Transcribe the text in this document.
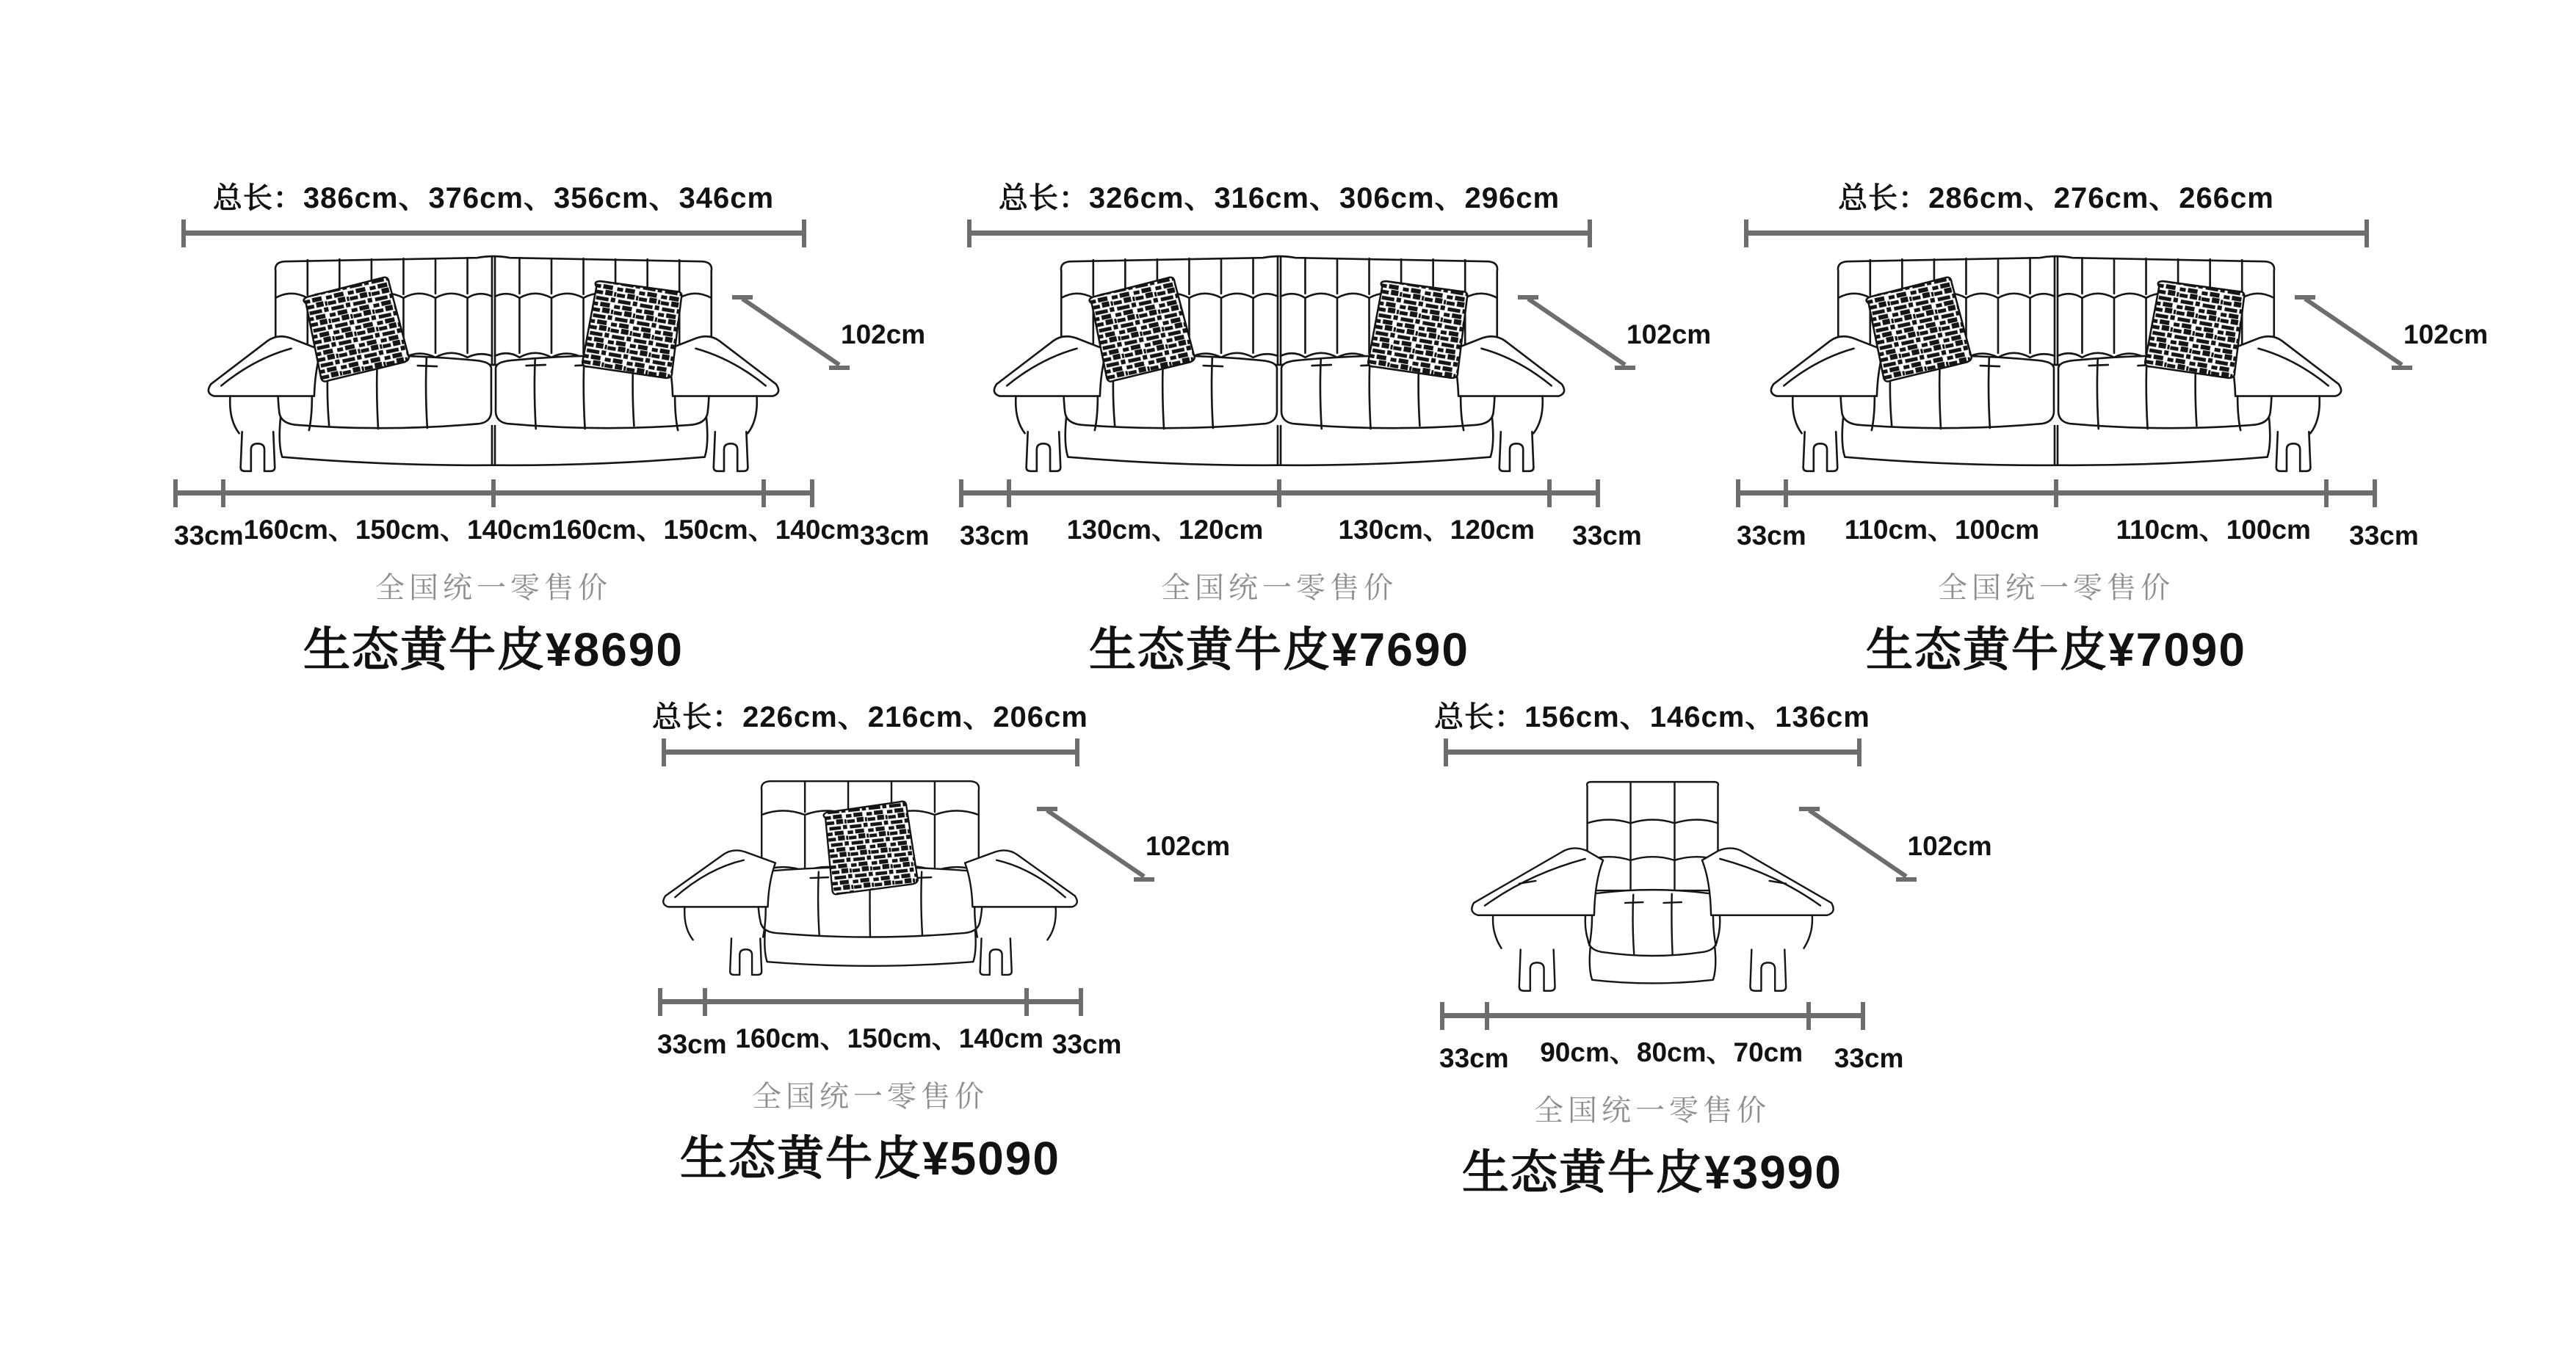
总长：386cm、376cm、356cm、346cm
102cm
33cm 160cm、150cm、140cm 160cm、150cm、140cm 33cm
全国统一零售价
生态黄牛皮¥8690
总长：326cm、316cm、306cm、296cm
102cm
33cm	130cm、120cm	130cm、120cm	33cm
全国统一零售价
生态黄牛皮¥7690
总长：286cm、276cm、266cm
102cm
33cm	110cm、100cm	110cm、100cm	33cm
全国统一零售价
生态黄牛皮¥7090
总长：226cm、216cm、206cm
102cm
33cm 160cm、150cm、140cm 33cm
全国统一零售价
生态黄牛皮¥5090
总长：156cm、146cm、136cm
102cm
33cm	90cm、80cm、70cm	33cm
全国统一零售价
生态黄牛皮¥3990
